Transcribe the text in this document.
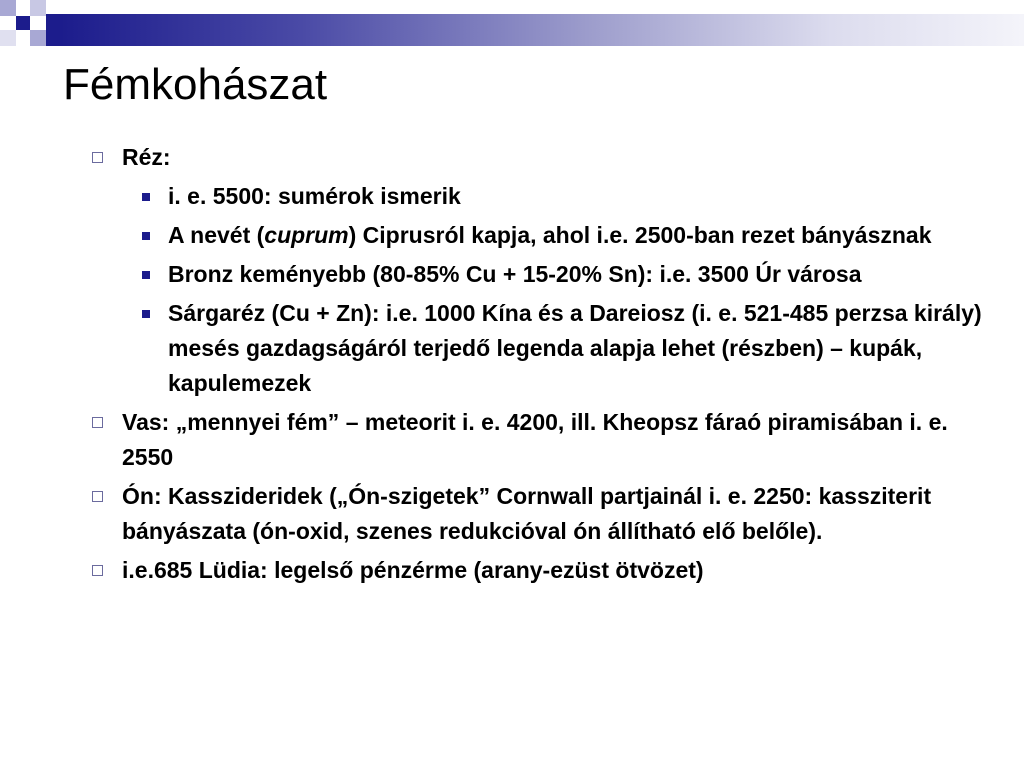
Fémkohászat
Réz:
i. e. 5500: sumérok ismerik
A nevét (cuprum) Ciprusról kapja, ahol i.e. 2500-ban rezet bányásznak
Bronz keményebb (80-85% Cu + 15-20% Sn): i.e. 3500 Úr városa
Sárgaréz (Cu + Zn): i.e. 1000 Kína és a Dareiosz (i. e. 521-485 perzsa király) mesés gazdagságáról terjedő legenda alapja lehet (részben) – kupák, kapulemezek
Vas: „mennyei fém” – meteorit i. e. 4200, ill. Kheopsz fáraó piramisában i. e. 2550
Ón: Kasszideridek („Ón-szigetek” Cornwall partjainál i. e. 2250: kassziterit bányászata (ón-oxid, szenes redukcióval ón állítható elő belőle).
i.e.685 Lüdia: legelső pénzérme (arany-ezüst ötvözet)
